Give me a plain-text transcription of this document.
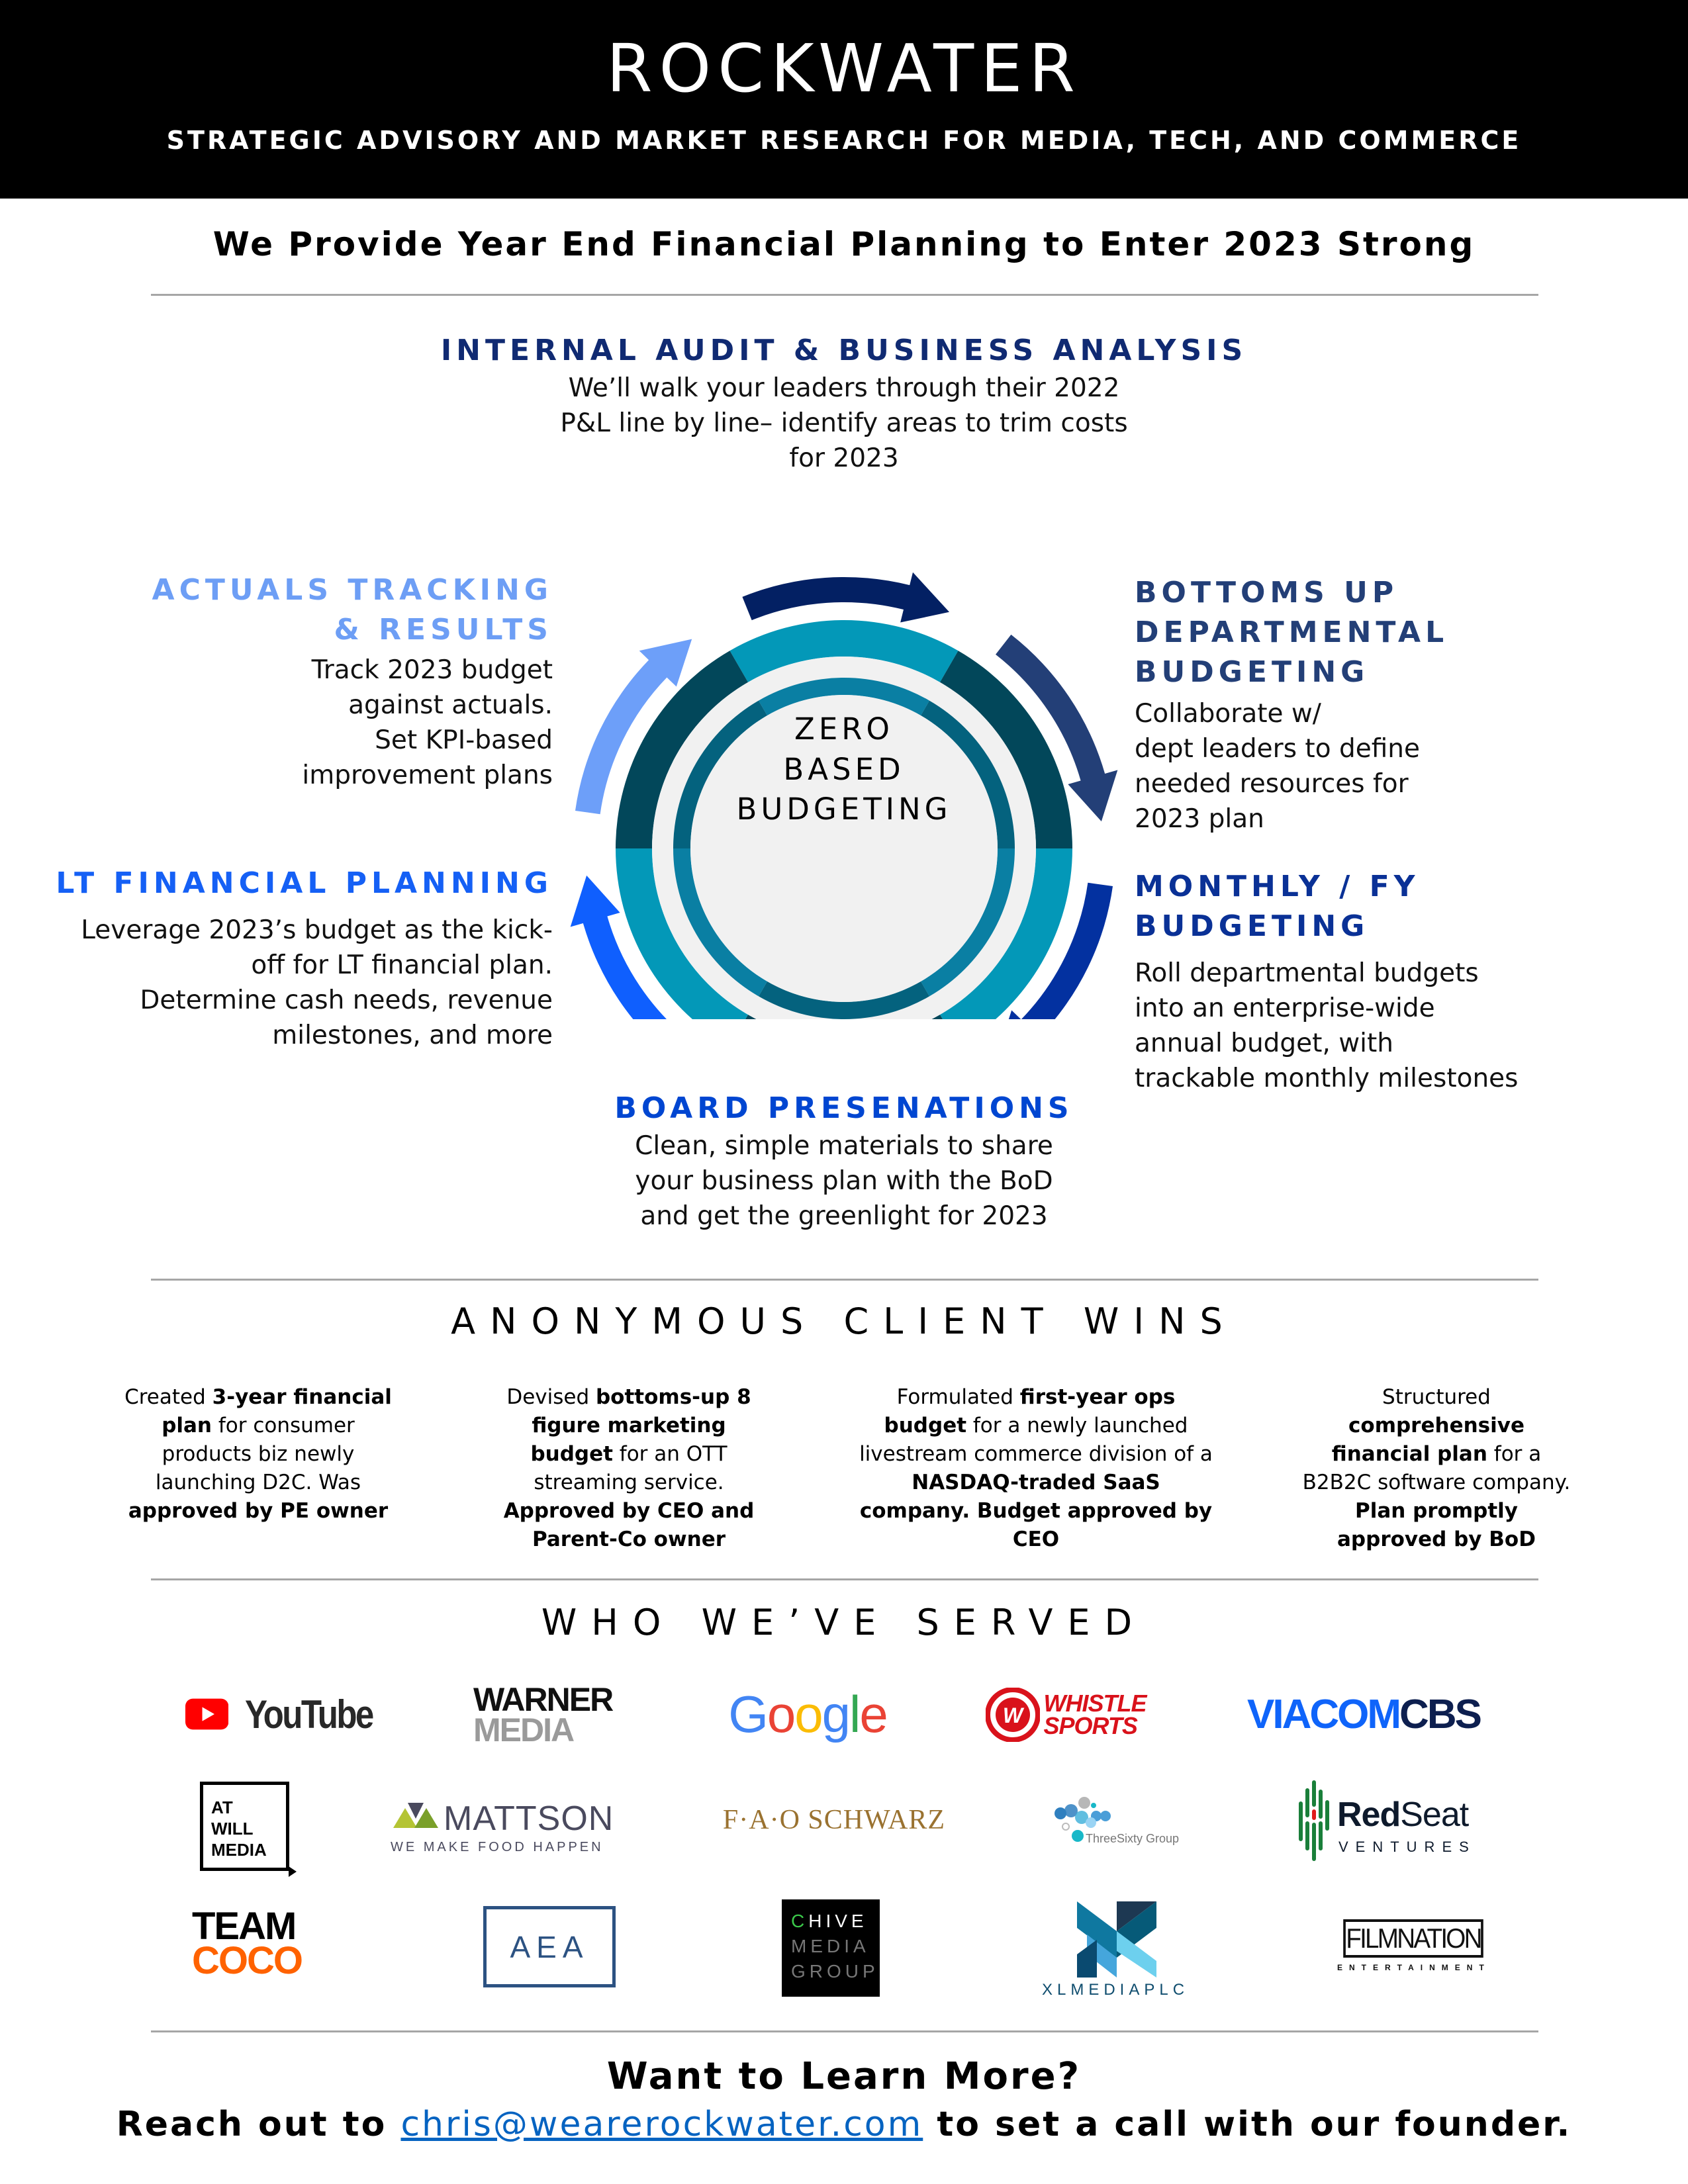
ROCKWATER
STRATEGIC ADVISORY AND MARKET RESEARCH FOR MEDIA, TECH, AND COMMERCE
We Provide Year End Financial Planning to Enter 2023 Strong
INTERNAL AUDIT & BUSINESS ANALYSIS
We’ll walk your leaders through their 2022
P&L line by line– identify areas to trim costs
for 2023
BOTTOMS UP
DEPARTMENTAL BUDGETING
Collaborate w/
dept leaders to define
needed resources for
2023 plan
MONTHLY / FY BUDGETING
Roll departmental budgets
into an enterprise-wide
annual budget, with
trackable monthly milestones
BOARD PRESENATIONS
Clean, simple materials to share
your business plan with the BoD
and get the greenlight for 2023
LT FINANCIAL PLANNING
Leverage 2023’s budget as the kick-
off for LT financial plan.
Determine cash needs, revenue
milestones, and more
ACTUALS TRACKING
& RESULTS
Track 2023 budget
against actuals.
Set KPI-based
improvement plans
ZERO
BASED
BUDGETING
ANONYMOUS CLIENT WINS
Created 3-year financial plan for consumer products biz newly launching D2C. Was approved by PE owner
Devised bottoms-up 8 figure marketing budget for an OTT streaming service. Approved by CEO and Parent-Co owner
Formulated first-year ops budget for a newly launched livestream commerce division of a NASDAQ-traded SaaS company. Budget approved by CEO
Structured comprehensive financial plan for a B2B2C software company. Plan promptly approved by BoD
WHO WE’VE SERVED
YouTube	WARNER
MEDIA	Google	W WHISTLE
SPORTS	VIACOM CBS
AT
WILL
MEDIA
MATTSON
WE MAKE FOOD HAPPEN
F·A·O SCHWARZ
ThreeSixty Group
RedSeat
VENTURES
TEAM
COCO	AEA
CHIVE
MEDIA
GROUP
XLMEDIAPLC
FILMNATION
ENTERTAINMENT
Want to Learn More?
Reach out to chris@wearerockwater.com to set a call with our founder.
